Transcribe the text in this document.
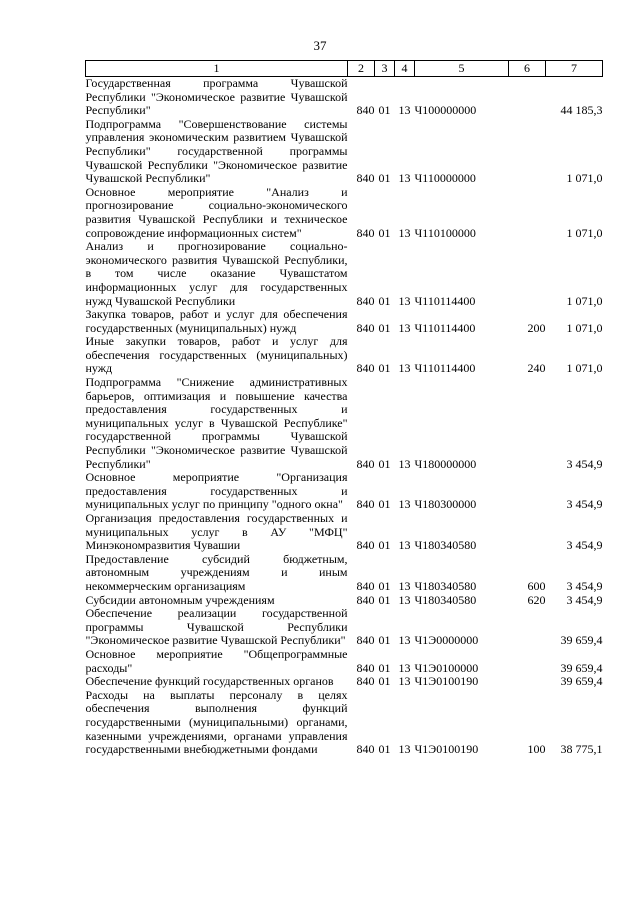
37
1	2	3	4	5	6	7
Государственная программа Чувашской Республики "Экономическое развитие Чувашской Республики"	840	01	13	Ч100000000		44 185,3
Подпрограмма "Совершенствование системы управления экономическим развитием Чувашской Республики" государственной программы Чувашской Республики "Экономическое развитие Чувашской Республики"	840	01	13	Ч110000000		1 071,0
Основное мероприятие "Анализ и прогнозирование социально-экономического развития Чувашской Республики и техническое сопровождение информационных систем"	840	01	13	Ч110100000		1 071,0
Анализ и прогнозирование социально-экономического развития Чувашской Республики, в том числе оказание Чувашстатом информационных услуг для государственных нужд Чувашской Республики	840	01	13	Ч110114400		1 071,0
Закупка товаров, работ и услуг для обеспечения государственных (муниципальных) нужд	840	01	13	Ч110114400	200	1 071,0
Иные закупки товаров, работ и услуг для обеспечения государственных (муниципальных) нужд	840	01	13	Ч110114400	240	1 071,0
Подпрограмма "Снижение административных барьеров, оптимизация и повышение качества предоставления государственных и муниципальных услуг в Чувашской Республике" государственной программы Чувашской Республики "Экономическое развитие Чувашской Республики"	840	01	13	Ч180000000		3 454,9
Основное мероприятие "Организация предоставления государственных и муниципальных услуг по принципу "одного окна"	840	01	13	Ч180300000		3 454,9
Организация предоставления государственных и муниципальных услуг в АУ "МФЦ" Минэкономразвития Чувашии	840	01	13	Ч180340580		3 454,9
Предоставление субсидий бюджетным, автономным учреждениям и иным некоммерческим организациям	840	01	13	Ч180340580	600	3 454,9
Субсидии автономным учреждениям	840	01	13	Ч180340580	620	3 454,9
Обеспечение реализации государственной программы Чувашской Республики "Экономическое развитие Чувашской Республики"	840	01	13	Ч1Э0000000		39 659,4
Основное мероприятие "Общепрограммные расходы"	840	01	13	Ч1Э0100000		39 659,4
Обеспечение функций государственных органов	840	01	13	Ч1Э0100190		39 659,4
Расходы на выплаты персоналу в целях обеспечения выполнения функций государственными (муниципальными) органами, казенными учреждениями, органами управления государственными внебюджетными фондами	840	01	13	Ч1Э0100190	100	38 775,1
